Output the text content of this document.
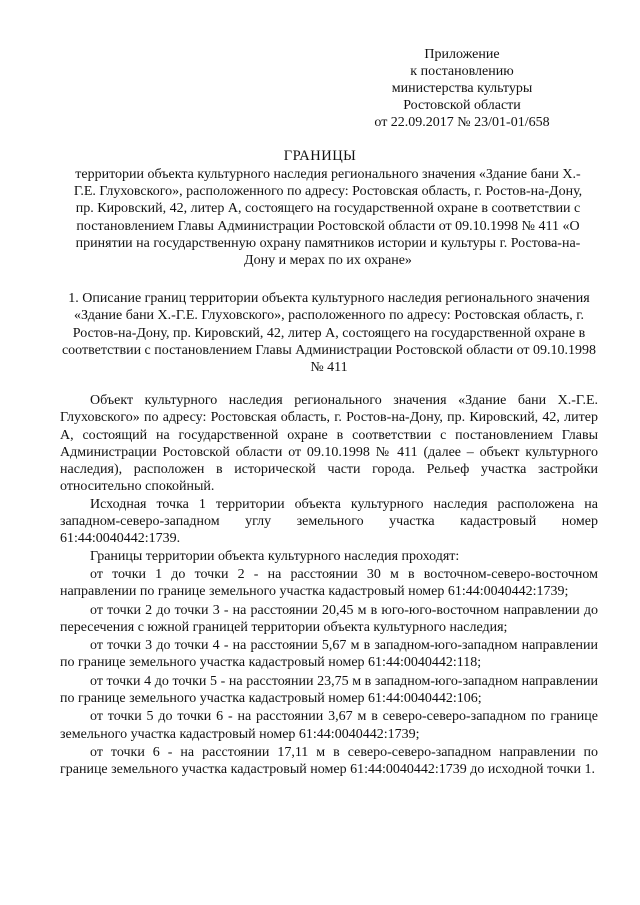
Приложение
к постановлению
министерства культуры
Ростовской области
от 22.09.2017 № 23/01-01/658
ГРАНИЦЫ
территории объекта культурного наследия регионального значения «Здание бани Х.-Г.Е. Глуховского», расположенного по адресу: Ростовская область, г. Ростов-на-Дону, пр. Кировский, 42, литер А, состоящего на государственной охране в соответствии с постановлением Главы Администрации Ростовской области от 09.10.1998 № 411 «О принятии на государственную охрану памятников истории и культуры г. Ростова-на-Дону и мерах по их охране»
1. Описание границ территории объекта культурного наследия регионального значения «Здание бани Х.-Г.Е. Глуховского», расположенного по адресу: Ростовская область, г. Ростов-на-Дону, пр. Кировский, 42, литер А, состоящего на государственной охране в соответствии с постановлением Главы Администрации Ростовской области от 09.10.1998 № 411

Объект культурного наследия регионального значения «Здание бани Х.-Г.Е. Глуховского» по адресу: Ростовская область, г. Ростов-на-Дону, пр. Кировский, 42, литер А, состоящий на государственной охране в соответствии с постановлением Главы Администрации Ростовской области от 09.10.1998 № 411 (далее – объект культурного наследия), расположен в исторической части города. Рельеф участка застройки относительно спокойный.

Исходная точка 1 территории объекта культурного наследия расположена на западном-северо-западном углу земельного участка кадастровый номер 61:44:0040442:1739.

Границы территории объекта культурного наследия проходят:

от точки 1 до точки 2 - на расстоянии 30 м в восточном-северо-восточном направлении по границе земельного участка кадастровый номер 61:44:0040442:1739;

от точки 2 до точки 3 - на расстоянии 20,45 м в юго-юго-восточном направлении до пересечения с южной границей территории объекта культурного наследия;

от точки 3 до точки 4 - на расстоянии 5,67 м в западном-юго-западном направлении по границе земельного участка кадастровый номер 61:44:0040442:118;

от точки 4 до точки 5 - на расстоянии 23,75 м в западном-юго-западном направлении по границе земельного участка кадастровый номер 61:44:0040442:106;

от точки 5 до точки 6 - на расстоянии 3,67 м в северо-северо-западном по границе земельного участка кадастровый номер 61:44:0040442:1739;

от точки 6 - на расстоянии 17,11 м в северо-северо-западном направлении по границе земельного участка кадастровый номер 61:44:0040442:1739 до исходной точки 1.
